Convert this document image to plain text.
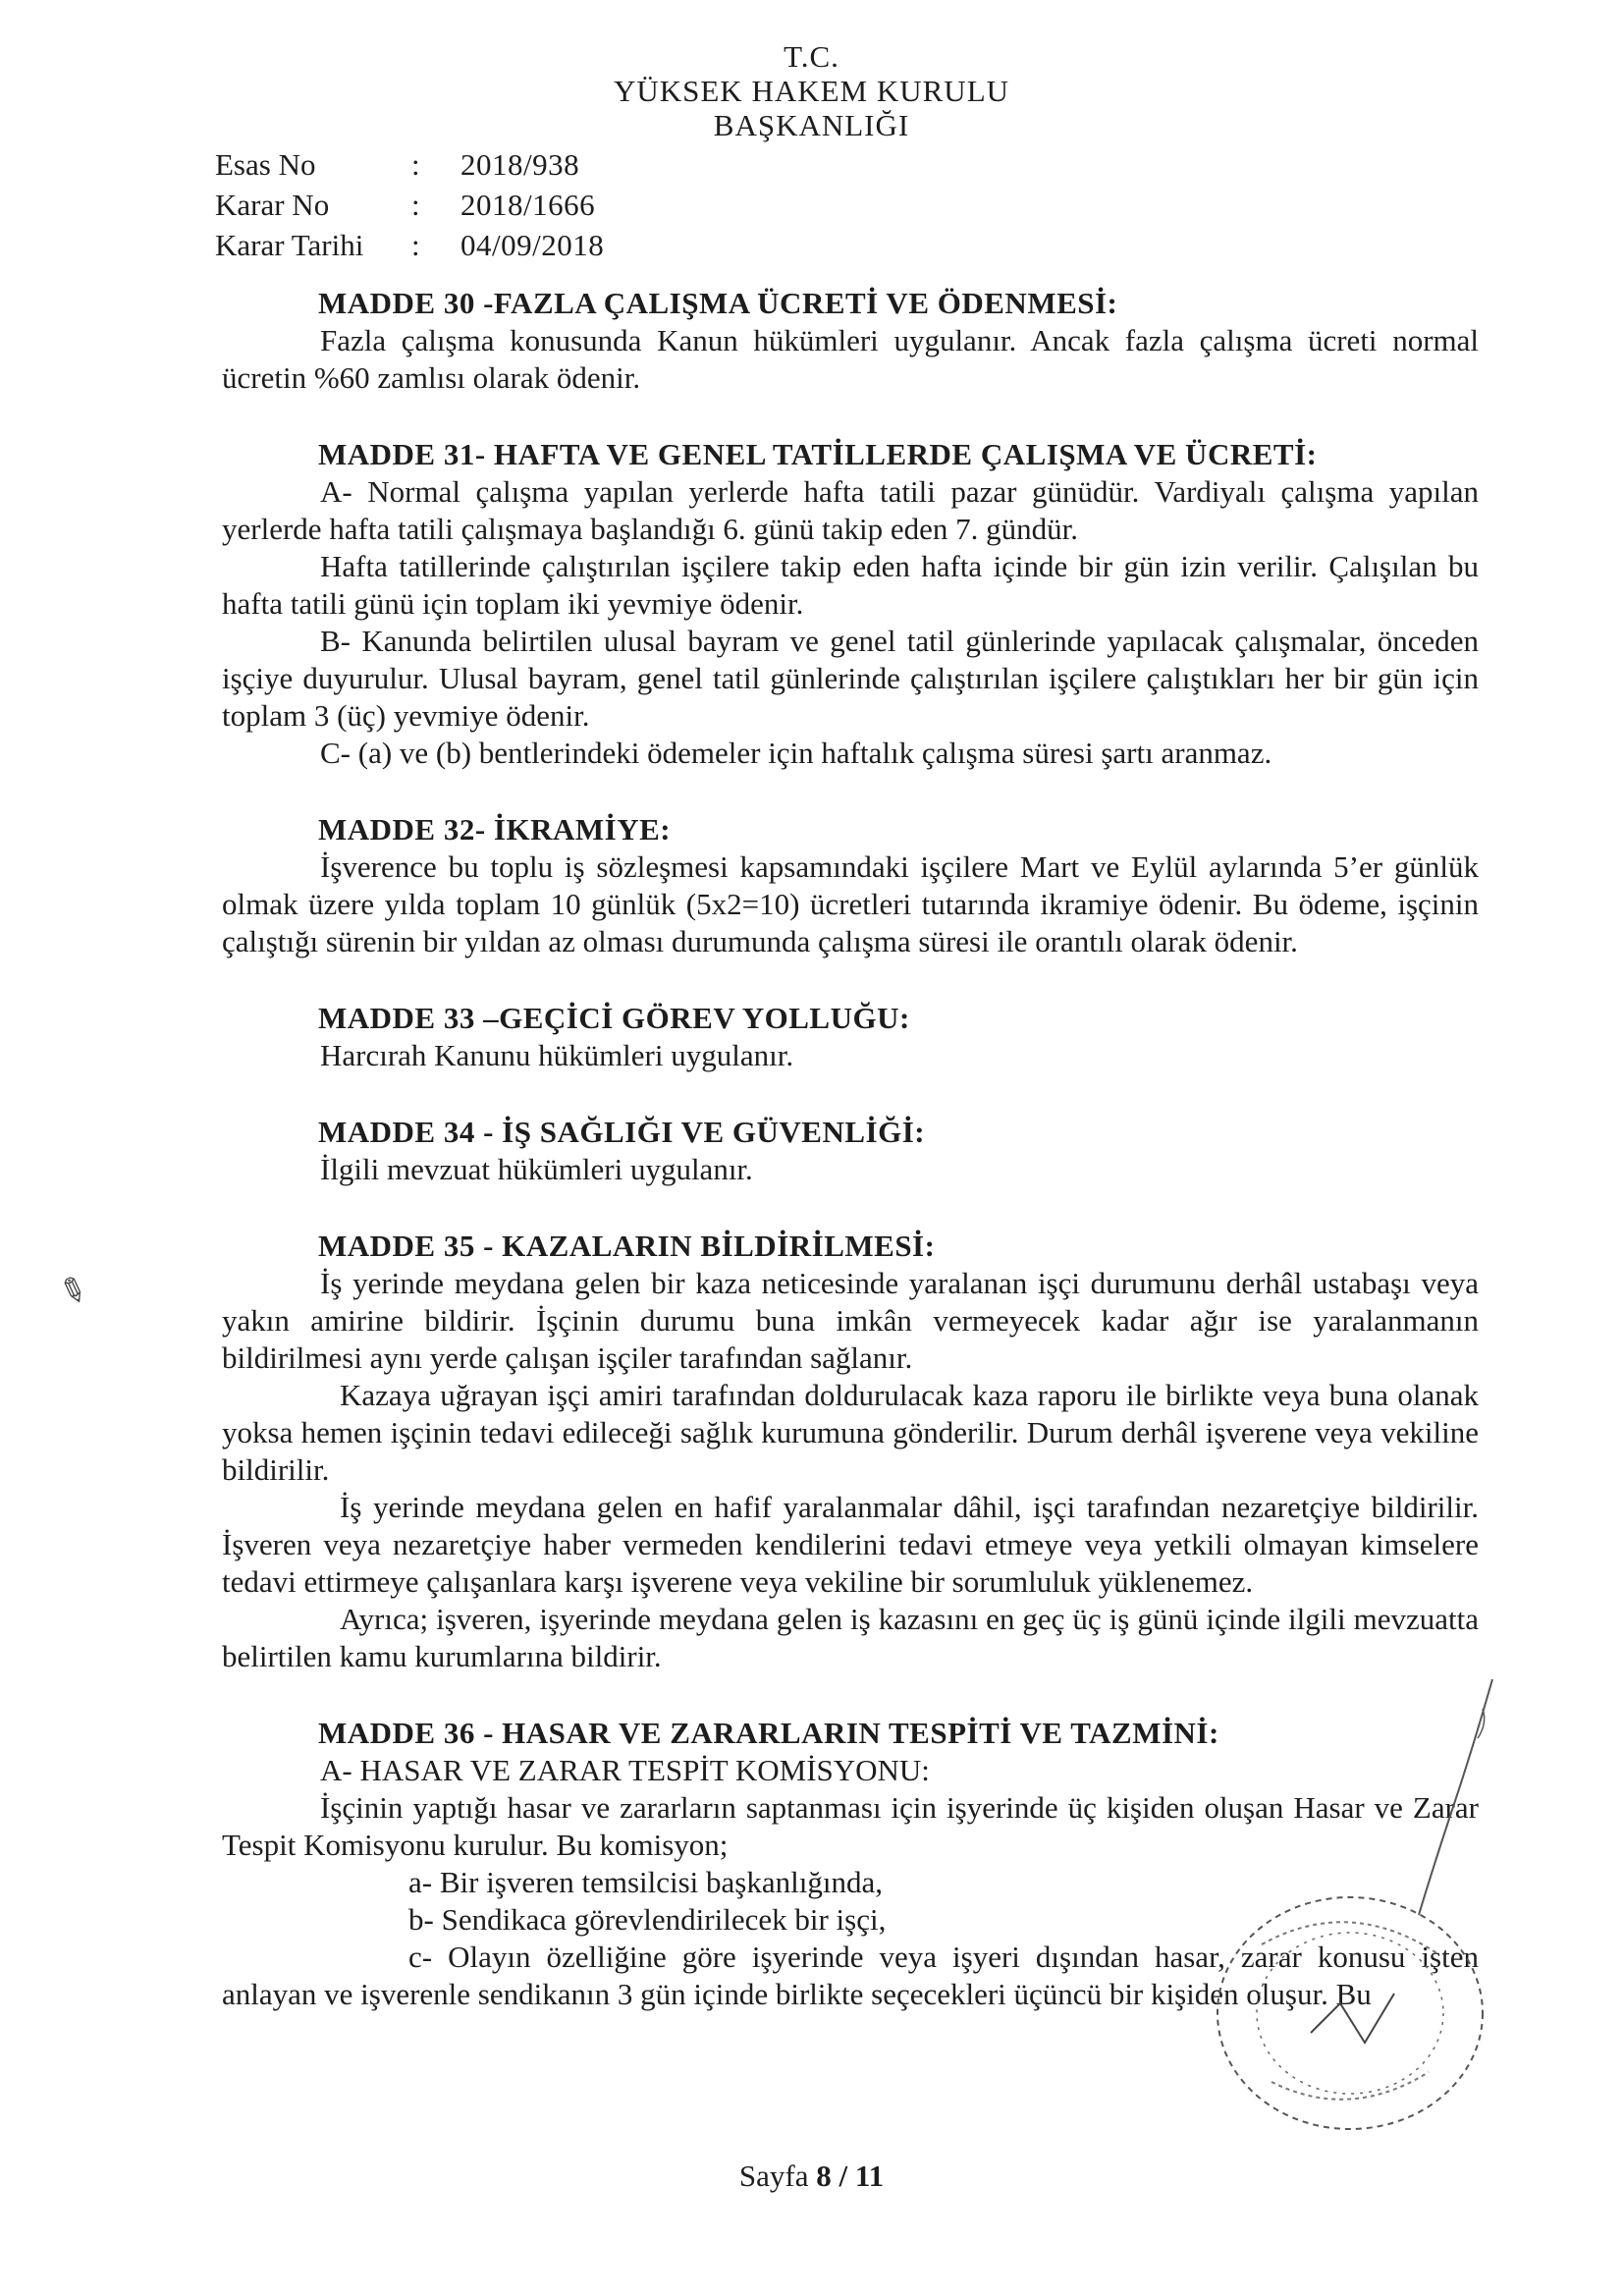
T.C.
YÜKSEK HAKEM KURULU
BAŞKANLIĞI
Esas No	:	2018/938
Karar No	:	2018/1666
Karar Tarihi	:	04/09/2018
MADDE 30 -FAZLA ÇALIŞMA ÜCRETİ VE ÖDENMESİ:

Fazla çalışma konusunda Kanun hükümleri uygulanır. Ancak fazla çalışma ücreti normal ücretin %60 zamlısı olarak ödenir.

MADDE 31- HAFTA VE GENEL TATİLLERDE ÇALIŞMA VE ÜCRETİ:

A- Normal çalışma yapılan yerlerde hafta tatili pazar günüdür. Vardiyalı çalışma yapılan yerlerde hafta tatili çalışmaya başlandığı 6. günü takip eden 7. gündür.

Hafta tatillerinde çalıştırılan işçilere takip eden hafta içinde bir gün izin verilir. Çalışılan bu hafta tatili günü için toplam iki yevmiye ödenir.

B- Kanunda belirtilen ulusal bayram ve genel tatil günlerinde yapılacak çalışmalar, önceden işçiye duyurulur. Ulusal bayram, genel tatil günlerinde çalıştırılan işçilere çalıştıkları her bir gün için toplam 3 (üç) yevmiye ödenir.

C- (a) ve (b) bentlerindeki ödemeler için haftalık çalışma süresi şartı aranmaz.

MADDE 32- İKRAMİYE:

İşverence bu toplu iş sözleşmesi kapsamındaki işçilere Mart ve Eylül aylarında 5’er günlük olmak üzere yılda toplam 10 günlük (5x2=10) ücretleri tutarında ikramiye ödenir. Bu ödeme, işçinin çalıştığı sürenin bir yıldan az olması durumunda çalışma süresi ile orantılı olarak ödenir.

MADDE 33 –GEÇİCİ GÖREV YOLLUĞU:

Harcırah Kanunu hükümleri uygulanır.

MADDE 34 - İŞ SAĞLIĞI VE GÜVENLİĞİ:

İlgili mevzuat hükümleri uygulanır.

MADDE 35 - KAZALARIN BİLDİRİLMESİ:

İş yerinde meydana gelen bir kaza neticesinde yaralanan işçi durumunu derhâl ustabaşı veya yakın amirine bildirir. İşçinin durumu buna imkân vermeyecek kadar ağır ise yaralanmanın bildirilmesi aynı yerde çalışan işçiler tarafından sağlanır.

Kazaya uğrayan işçi amiri tarafından doldurulacak kaza raporu ile birlikte veya buna olanak yoksa hemen işçinin tedavi edileceği sağlık kurumuna gönderilir. Durum derhâl işverene veya vekiline bildirilir.

İş yerinde meydana gelen en hafif yaralanmalar dâhil, işçi tarafından nezaretçiye bildirilir. İşveren veya nezaretçiye haber vermeden kendilerini tedavi etmeye veya yetkili olmayan kimselere tedavi ettirmeye çalışanlara karşı işverene veya vekiline bir sorumluluk yüklenemez.

Ayrıca; işveren, işyerinde meydana gelen iş kazasını en geç üç iş günü içinde ilgili mevzuatta belirtilen kamu kurumlarına bildirir.

MADDE 36 - HASAR VE ZARARLARIN TESPİTİ VE TAZMİNİ:

A- HASAR VE ZARAR TESPİT KOMİSYONU:

İşçinin yaptığı hasar ve zararların saptanması için işyerinde üç kişiden oluşan Hasar ve Zarar Tespit Komisyonu kurulur. Bu komisyon;

a- Bir işveren temsilcisi başkanlığında,

b- Sendikaca görevlendirilecek bir işçi,

c- Olayın özelliğine göre işyerinde veya işyeri dışından hasar, zarar konusu işten anlayan ve işverenle sendikanın 3 gün içinde birlikte seçecekleri üçüncü bir kişiden oluşur. Bu

✎
Sayfa 8 / 11
